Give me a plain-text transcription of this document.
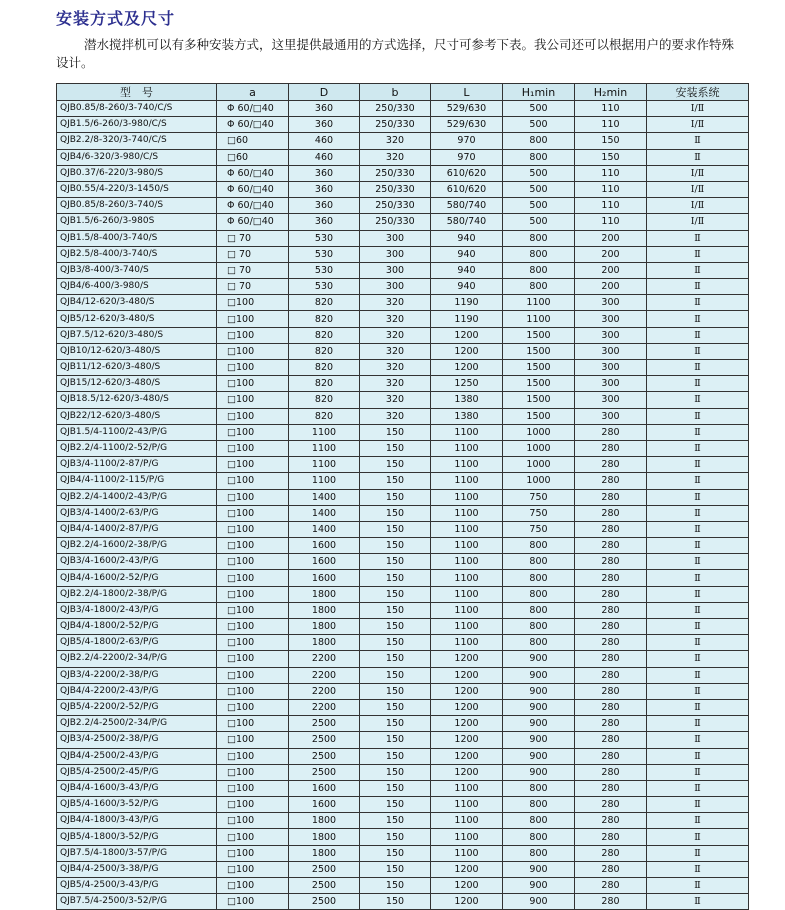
安装方式及尺寸

潜水搅拌机可以有多种安装方式，这里提供最通用的方式选择，尺寸可参考下表。我公司还可以根据用户的要求作特殊设计。

型　号	a	D	b	L	H₁min	H₂min	安装系统
QJB0.85/8-260/3-740/C/S	Φ 60/□40	360	250/330	529/630	500	110	Ⅰ/Ⅱ
QJB1.5/6-260/3-980/C/S	Φ 60/□40	360	250/330	529/630	500	110	Ⅰ/Ⅱ
QJB2.2/8-320/3-740/C/S	□60	460	320	970	800	150	Ⅱ
QJB4/6-320/3-980/C/S	□60	460	320	970	800	150	Ⅱ
QJB0.37/6-220/3-980/S	Φ 60/□40	360	250/330	610/620	500	110	Ⅰ/Ⅱ
QJB0.55/4-220/3-1450/S	Φ 60/□40	360	250/330	610/620	500	110	Ⅰ/Ⅱ
QJB0.85/8-260/3-740/S	Φ 60/□40	360	250/330	580/740	500	110	Ⅰ/Ⅱ
QJB1.5/6-260/3-980S	Φ 60/□40	360	250/330	580/740	500	110	Ⅰ/Ⅱ
QJB1.5/8-400/3-740/S	□ 70	530	300	940	800	200	Ⅱ
QJB2.5/8-400/3-740/S	□ 70	530	300	940	800	200	Ⅱ
QJB3/8-400/3-740/S	□ 70	530	300	940	800	200	Ⅱ
QJB4/6-400/3-980/S	□ 70	530	300	940	800	200	Ⅱ
QJB4/12-620/3-480/S	□100	820	320	1190	1100	300	Ⅱ
QJB5/12-620/3-480/S	□100	820	320	1190	1100	300	Ⅱ
QJB7.5/12-620/3-480/S	□100	820	320	1200	1500	300	Ⅱ
QJB10/12-620/3-480/S	□100	820	320	1200	1500	300	Ⅱ
QJB11/12-620/3-480/S	□100	820	320	1200	1500	300	Ⅱ
QJB15/12-620/3-480/S	□100	820	320	1250	1500	300	Ⅱ
QJB18.5/12-620/3-480/S	□100	820	320	1380	1500	300	Ⅱ
QJB22/12-620/3-480/S	□100	820	320	1380	1500	300	Ⅱ
QJB1.5/4-1100/2-43/P/G	□100	1100	150	1100	1000	280	Ⅱ
QJB2.2/4-1100/2-52/P/G	□100	1100	150	1100	1000	280	Ⅱ
QJB3/4-1100/2-87/P/G	□100	1100	150	1100	1000	280	Ⅱ
QJB4/4-1100/2-115/P/G	□100	1100	150	1100	1000	280	Ⅱ
QJB2.2/4-1400/2-43/P/G	□100	1400	150	1100	750	280	Ⅱ
QJB3/4-1400/2-63/P/G	□100	1400	150	1100	750	280	Ⅱ
QJB4/4-1400/2-87/P/G	□100	1400	150	1100	750	280	Ⅱ
QJB2.2/4-1600/2-38/P/G	□100	1600	150	1100	800	280	Ⅱ
QJB3/4-1600/2-43/P/G	□100	1600	150	1100	800	280	Ⅱ
QJB4/4-1600/2-52/P/G	□100	1600	150	1100	800	280	Ⅱ
QJB2.2/4-1800/2-38/P/G	□100	1800	150	1100	800	280	Ⅱ
QJB3/4-1800/2-43/P/G	□100	1800	150	1100	800	280	Ⅱ
QJB4/4-1800/2-52/P/G	□100	1800	150	1100	800	280	Ⅱ
QJB5/4-1800/2-63/P/G	□100	1800	150	1100	800	280	Ⅱ
QJB2.2/4-2200/2-34/P/G	□100	2200	150	1200	900	280	Ⅱ
QJB3/4-2200/2-38/P/G	□100	2200	150	1200	900	280	Ⅱ
QJB4/4-2200/2-43/P/G	□100	2200	150	1200	900	280	Ⅱ
QJB5/4-2200/2-52/P/G	□100	2200	150	1200	900	280	Ⅱ
QJB2.2/4-2500/2-34/P/G	□100	2500	150	1200	900	280	Ⅱ
QJB3/4-2500/2-38/P/G	□100	2500	150	1200	900	280	Ⅱ
QJB4/4-2500/2-43/P/G	□100	2500	150	1200	900	280	Ⅱ
QJB5/4-2500/2-45/P/G	□100	2500	150	1200	900	280	Ⅱ
QJB4/4-1600/3-43/P/G	□100	1600	150	1100	800	280	Ⅱ
QJB5/4-1600/3-52/P/G	□100	1600	150	1100	800	280	Ⅱ
QJB4/4-1800/3-43/P/G	□100	1800	150	1100	800	280	Ⅱ
QJB5/4-1800/3-52/P/G	□100	1800	150	1100	800	280	Ⅱ
QJB7.5/4-1800/3-57/P/G	□100	1800	150	1100	800	280	Ⅱ
QJB4/4-2500/3-38/P/G	□100	2500	150	1200	900	280	Ⅱ
QJB5/4-2500/3-43/P/G	□100	2500	150	1200	900	280	Ⅱ
QJB7.5/4-2500/3-52/P/G	□100	2500	150	1200	900	280	Ⅱ
